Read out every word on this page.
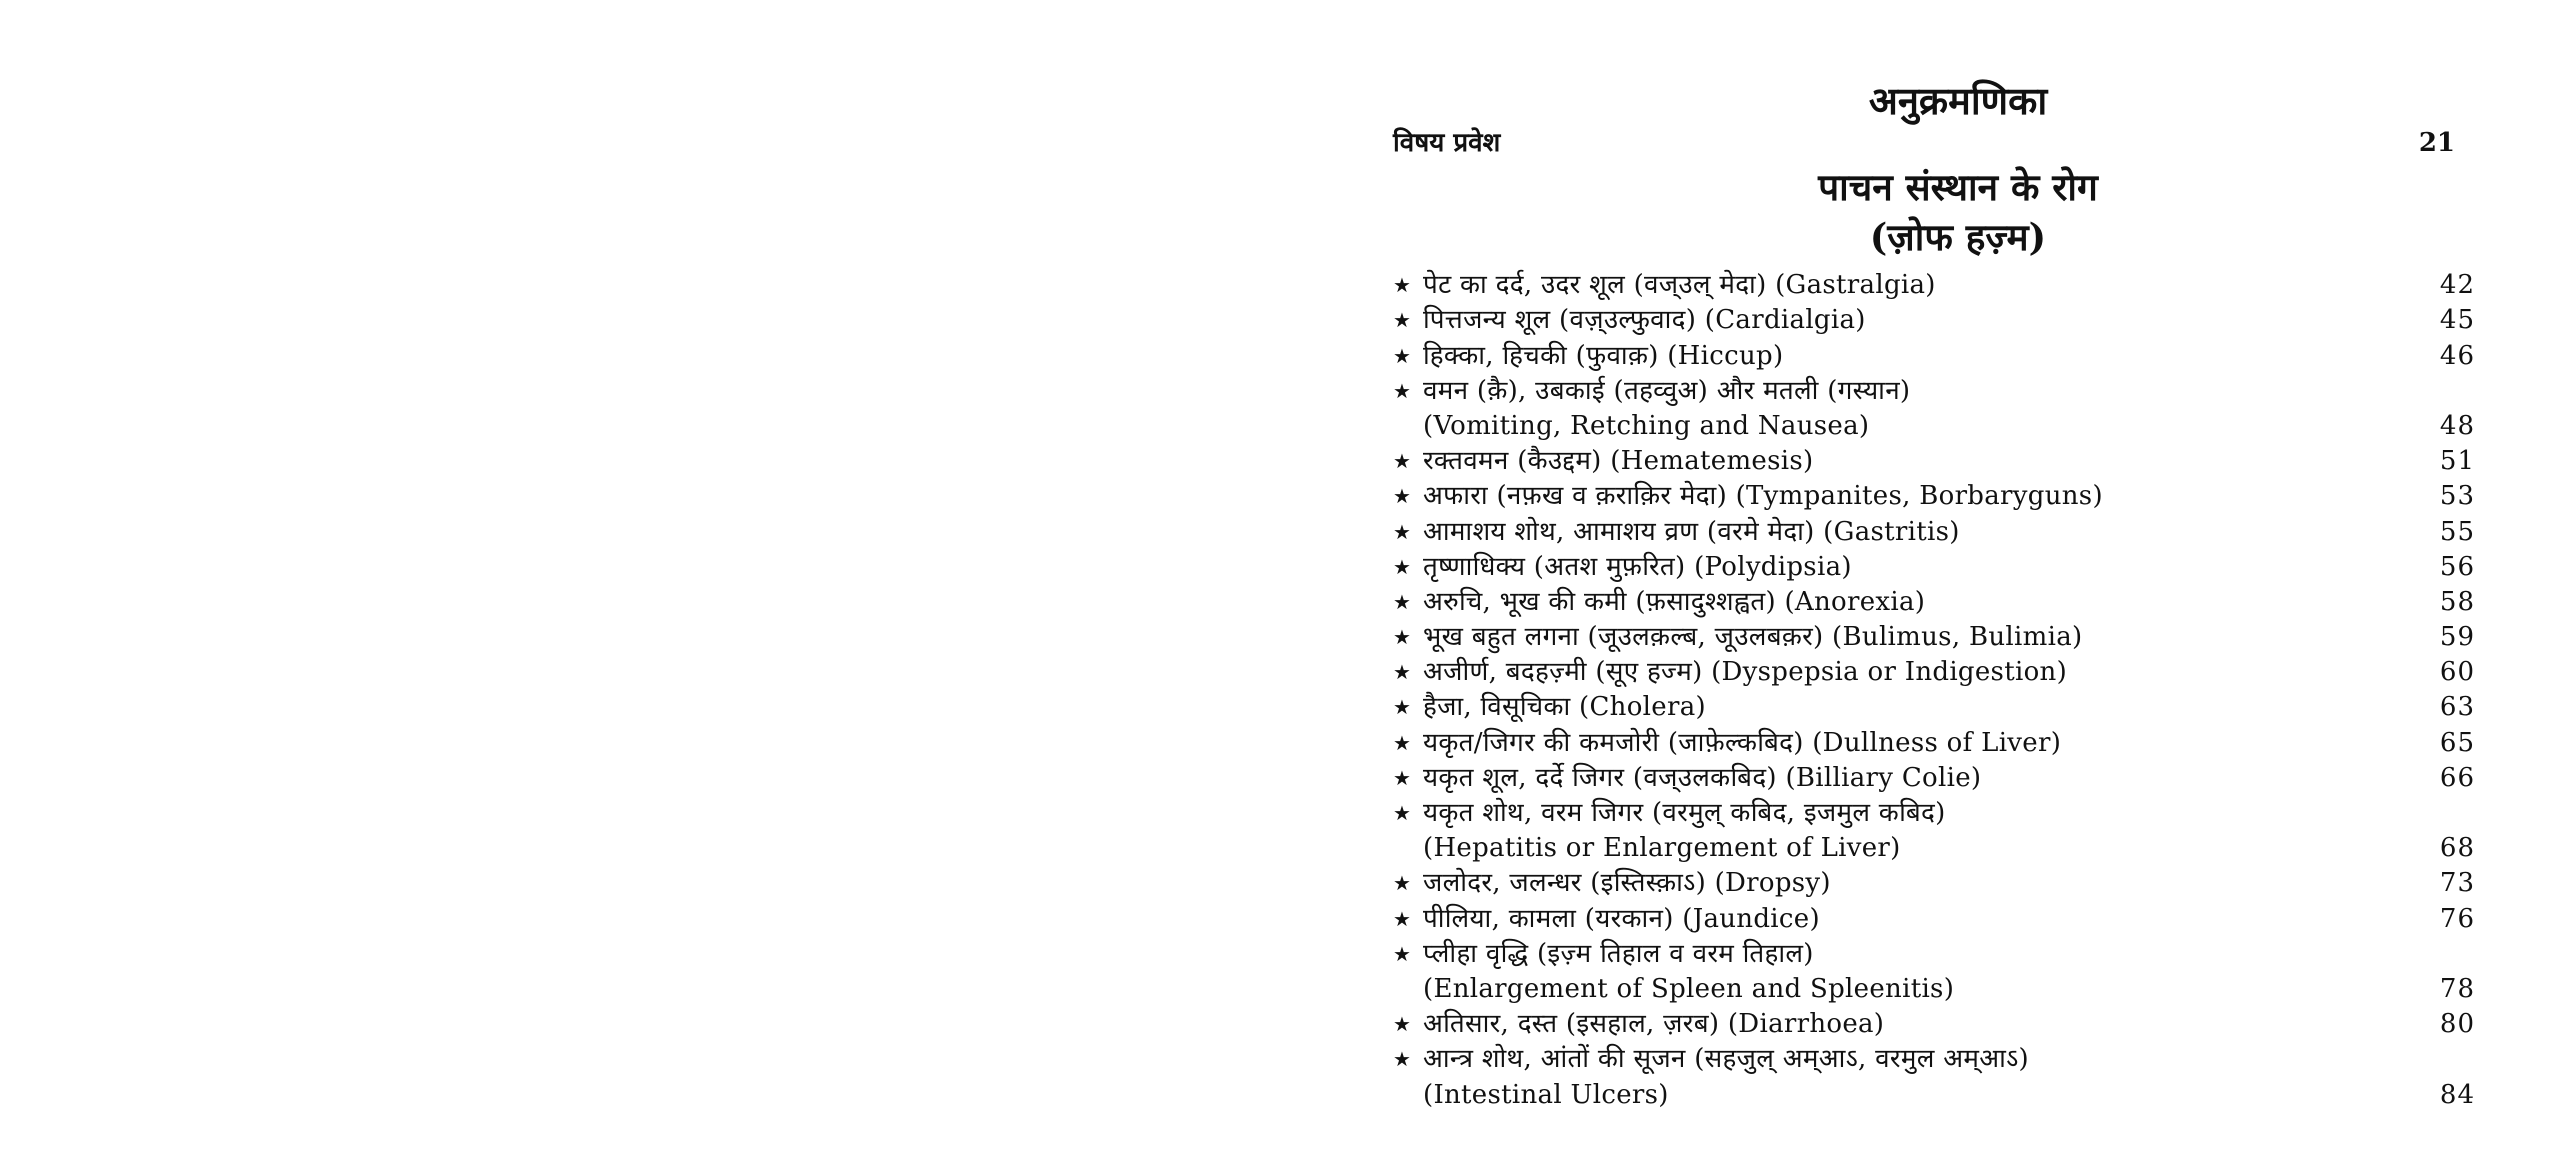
अनुक्रमणिका
विषय प्रवेश	21
पाचन संस्थान के रोग
(ज़ोफ हज़्म)
★ पेट का दर्द, उदर शूल (वज्उल् मेदा) (Gastralgia)	42
★ पित्तजन्य शूल (वज़्उल्फुवाद) (Cardialgia)	45
★ हिक्का, हिचकी (फुवाक़) (Hiccup)	46
★ वमन (क़ै), उबकाई (तहव्वुअ) और मतली (गस्यान)
(Vomiting, Retching and Nausea)	48
★ रक्तवमन (कैउद्दम) (Hematemesis)	51
★ अफारा (नफ़ख व क़राक़िर मेदा) (Tympanites, Borbaryguns)	53
★ आमाशय शोथ, आमाशय व्रण (वरमे मेदा) (Gastritis)	55
★ तृष्णाधिक्य (अतश मुफ़रित) (Polydipsia)	56
★ अरुचि, भूख की कमी (फ़सादुश्शह्वत) (Anorexia)	58
★ भूख बहुत लगना (जूउलक़ल्ब, जूउलबक़र) (Bulimus, Bulimia)	59
★ अजीर्ण, बदहज़्मी (सूए हज्म) (Dyspepsia or Indigestion)	60
★ हैजा, विसूचिका (Cholera)	63
★ यकृत/जिगर की कमजोरी (जाफ़ेल्कबिद) (Dullness of Liver)	65
★ यकृत शूल, दर्दे जिगर (वज्उलकबिद) (Billiary Colie)	66
★ यकृत शोथ, वरम जिगर (वरमुल् कबिद, इजमुल कबिद)
(Hepatitis or Enlargement of Liver)	68
★ जलोदर, जलन्धर (इस्तिस्क़ाऽ) (Dropsy)	73
★ पीलिया, कामला (यरकान) (Jaundice)	76
★ प्लीहा वृद्धि (इज़्म तिहाल व वरम तिहाल)
(Enlargement of Spleen and Spleenitis)	78
★ अतिसार, दस्त (इसहाल, ज़रब) (Diarrhoea)	80
★ आन्त्र शोथ, आंतों की सूजन (सहजुल् अम्आऽ, वरमुल अम्आऽ)
(Intestinal Ulcers)	84
